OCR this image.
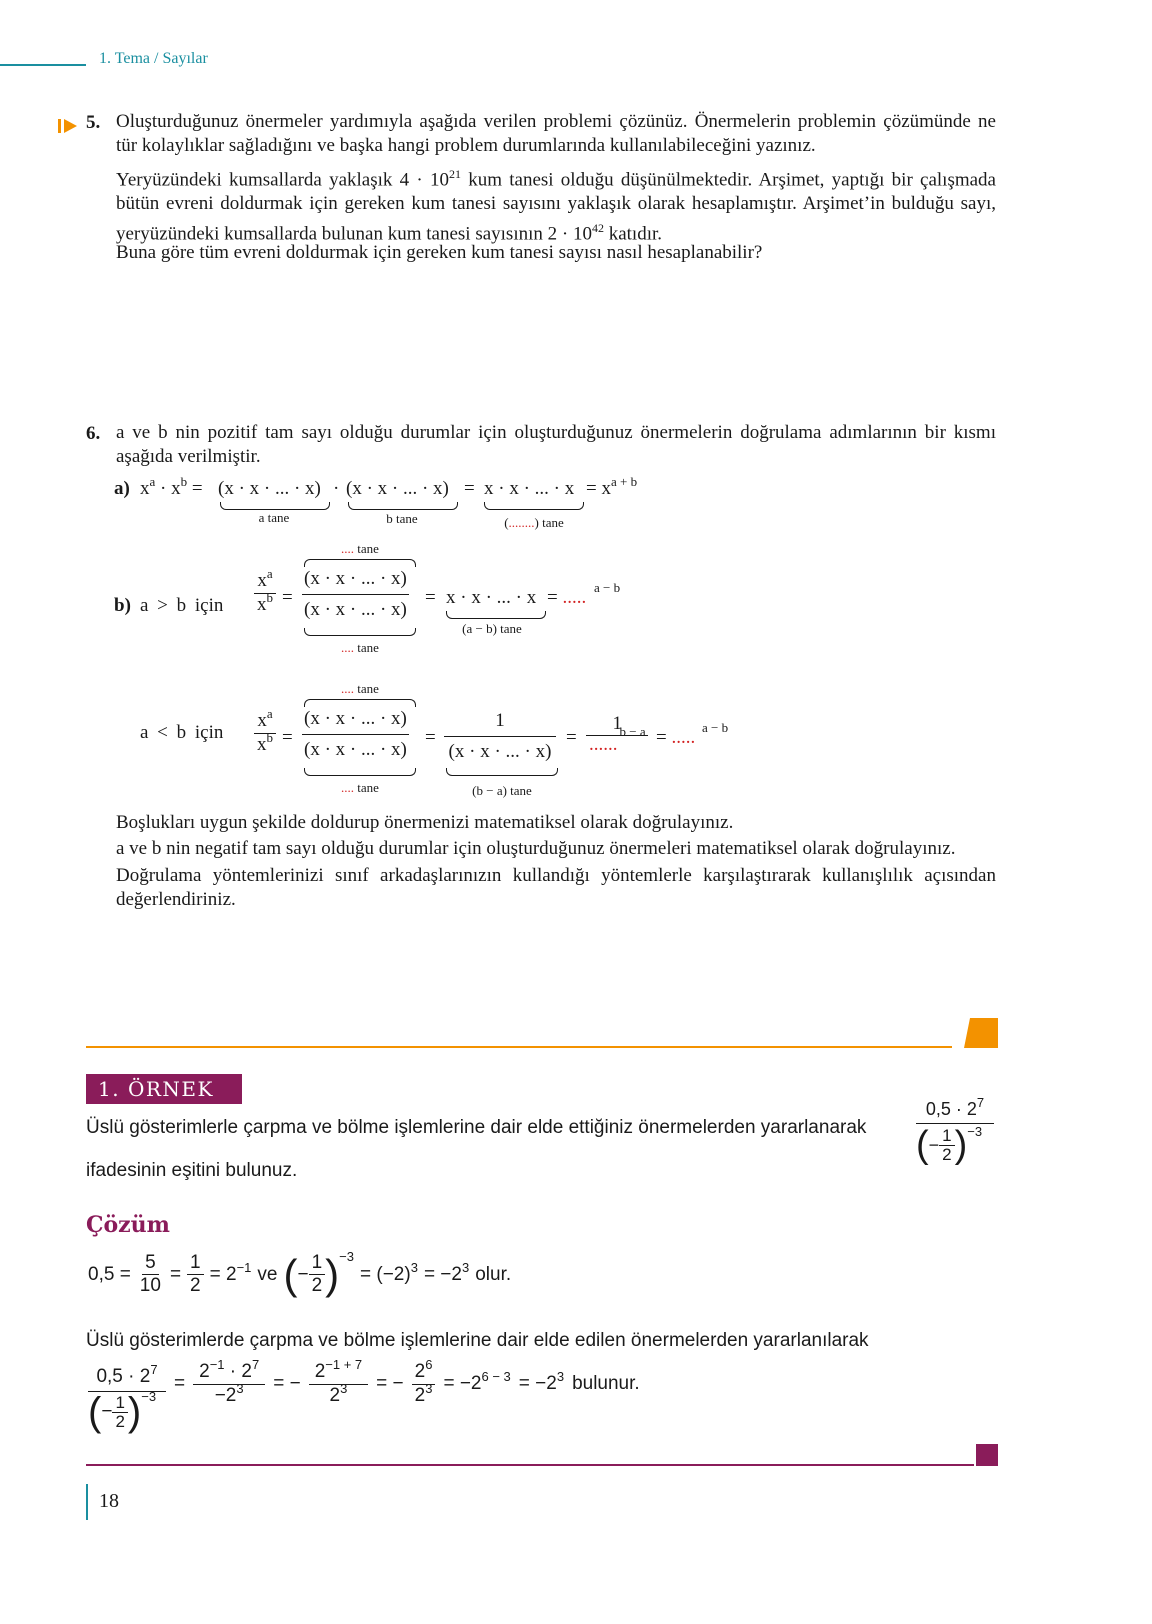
1. Tema / Sayılar
5. Oluşturduğunuz önermeler yardımıyla aşağıda verilen problemi çözünüz. Önermelerin problemin çözümünde ne tür kolaylıklar sağladığını ve başka hangi problem durumlarında kullanılabileceğini yazınız.
Yeryüzündeki kumsallarda yaklaşık $4 \cdot 10^{21}$ kum tanesi olduğu düşünülmektedir. Arşimet, yaptığı bir çalışmada bütün evreni doldurmak için gereken kum tanesi sayısını yaklaşık olarak hesaplamıştır. Arşimet’in bulduğu sayı, yeryüzündeki kumsallarda bulunan kum tanesi sayısının $2 \cdot 10^{42}$ katıdır.
Buna göre tüm evreni doldurmak için gereken kum tanesi sayısı nasıl hesaplanabilir?
6. a ve b nin pozitif tam sayı olduğu durumlar için oluşturduğunuz önermelerin doğrulama adımlarının bir kısmı aşağıda verilmiştir.
a) $x^a \cdot x^b = (x \cdot x$ · ... · x) · (x · x · ... · x) = x · x · ... · $x = x^{a + b}$
a tane	b tane	(........) tane
.... tane
b) a > b için $\frac{x^a}{x^b} = \frac{(x \cdot x \cdot ... \cdot x)}{(x \cdot x \cdot ... \cdot x)} = x \cdot x$ · ... · x = ..... a − b
(a − b) tane
.... tane
.... tane
a < b için $\frac{x^a}{x^b} = \frac{(x \cdot x \cdot ... \cdot x)}{(x \cdot x \cdot ... \cdot x)} = \frac{1}{(x \cdot x \cdot ... \cdot x)} = \frac{1}{......^{b - a}}$ = ..... a − b
.... tane	(b − a) tane
Boşlukları uygun şekilde doldurup önermenizi matematiksel olarak doğrulayınız.
a ve b nin negatif tam sayı olduğu durumlar için oluşturduğunuz önermeleri matematiksel olarak doğrulayınız.
Doğrulama yöntemlerinizi sınıf arkadaşlarınızın kullandığı yöntemlerle karşılaştırarak kullanışlılık açısından değerlendiriniz.
1. ÖRNEK
Üslü gösterimlerle çarpma ve bölme işlemlerine dair elde ettiğiniz önermelerden yararlanarak
ifadesinin eşitini bulunuz.
$0,5 \cdot 2^7$
( − $\frac{1}{2}$ ) −3
Çözüm
$0,5 = \frac{5}{10} = \frac{1}{2} = 2^{-1}$ ve ( − $\frac{1}{2}$ ) −3
= $(-2)^3 = -2^3$ olur.
Üslü gösterimlerde çarpma ve bölme işlemlerine dair elde edilen önermelerden yararlanılarak
$\frac{0,5 \cdot 2^7}{( - \frac{1}{2} ) -3} = \frac{2^{-1} \cdot 2^7}{-2^3}$ = − $\frac{2^{-1 + 7}}{2^3}$ = − $\frac{2^6}{2^3} = -2^{6 - 3} = -2^3$ bulunur.
18
